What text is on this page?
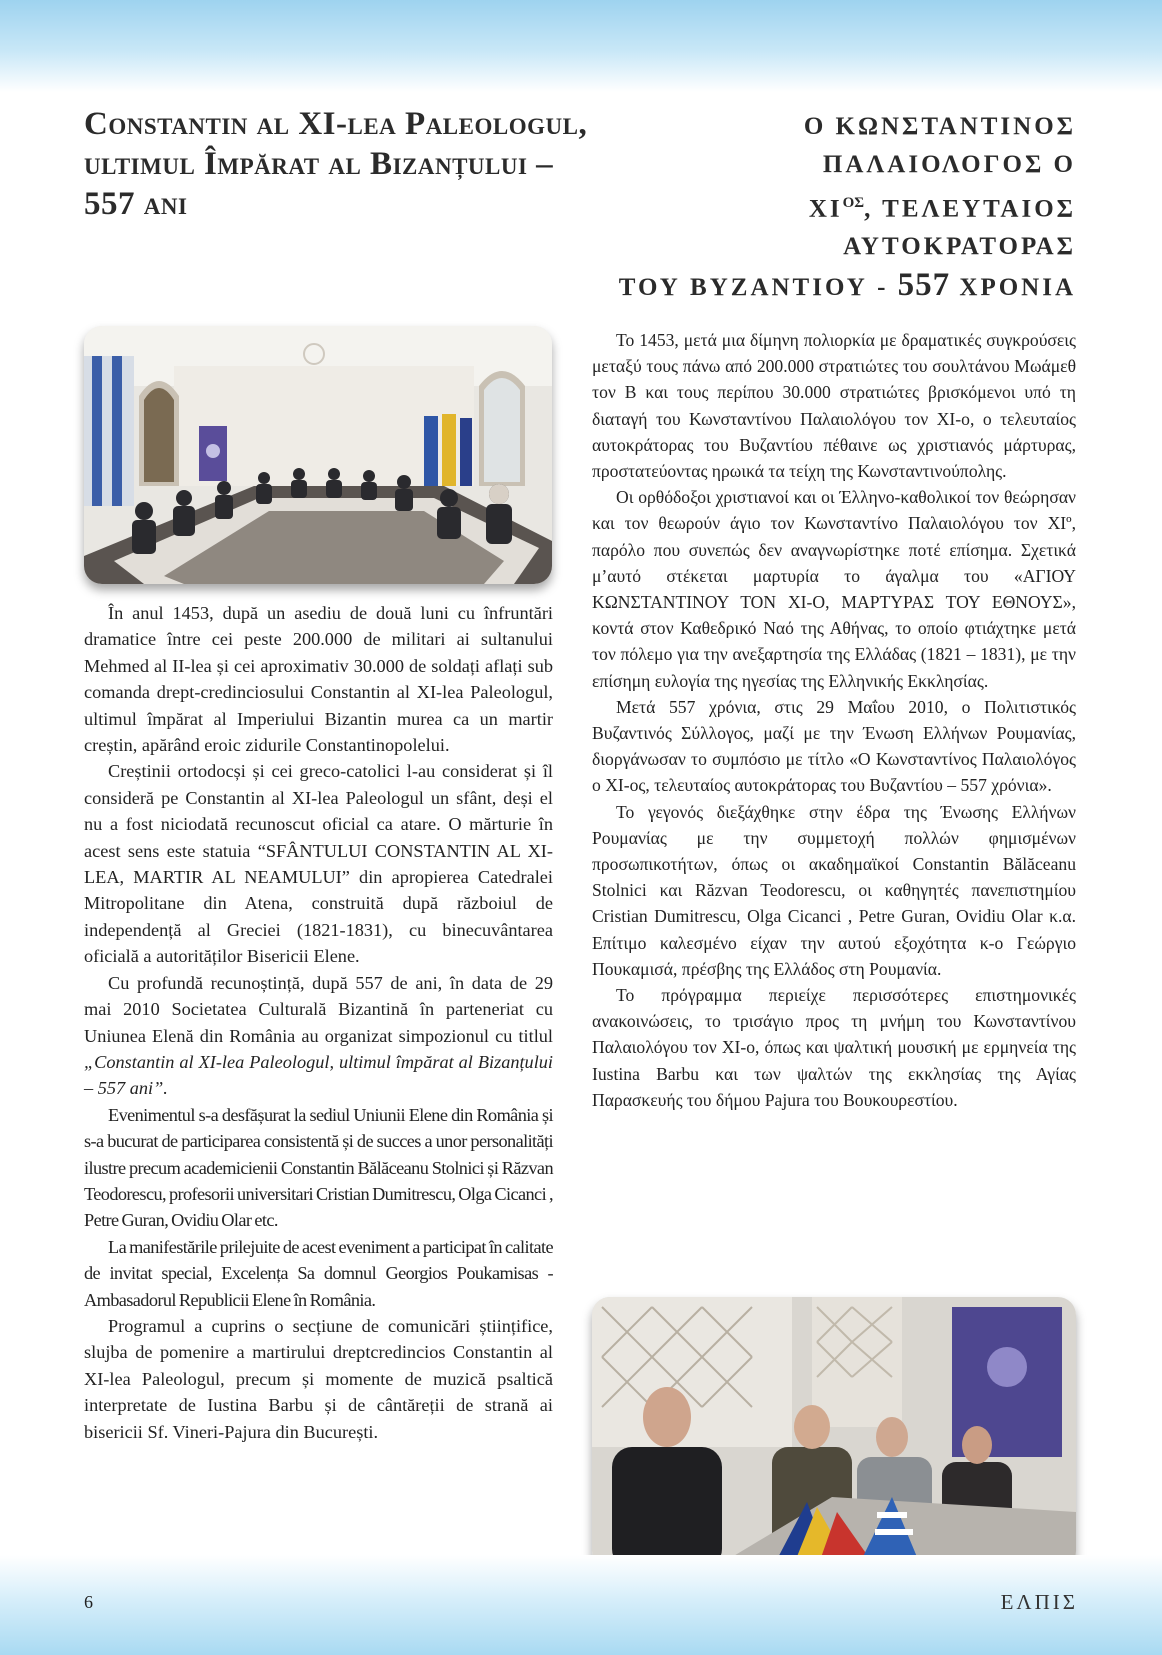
Constantin al XI-lea Paleologul,
ultimul Împărat al Bizanțului –
557 ani
Ο ΚΩΝΣΤΑΝΤΙΝΟΣ ΠΑΛΑΙΟΛΟΓΟΣ Ο
$XI^{O\Sigma}$, ΤΕΛΕΥΤΑΙΟΣ ΑΥΤΟΚΡΑΤΟΡΑΣ
ΤΟΥ ΒΥΖΑΝΤΙΟΥ - 557 ΧΡΟΝΙΑ

În anul 1453, după un asediu de două luni cu înfruntări dramatice între cei peste 200.000 de militari ai sultanului Mehmed al II-lea și cei aproximativ 30.000 de soldați aflați sub comanda drept-credinciosului Constantin al XI-lea Paleologul, ultimul împărat al Imperiului Bizantin murea ca un martir creștin, apărând eroic zidurile Constantinopolelui.

Creștinii ortodocși și cei greco-catolici l-au considerat și îl consideră pe Constantin al XI-lea Paleologul un sfânt, deși el nu a fost niciodată recunoscut oficial ca atare. O mărturie în acest sens este statuia “SFÂNTULUI CONSTANTIN AL XI-LEA, MARTIR AL NEAMULUI” din apropierea Catedralei Mitropolitane din Atena, construită după războiul de independență al Greciei (1821-1831), cu binecuvântarea oficială a autorităților Bisericii Elene.

Cu profundă recunoștință, după 557 de ani, în data de 29 mai 2010 Societatea Culturală Bizantină în parteneriat cu Uniunea Elenă din România au organizat simpozionul cu titlul „Constantin al XI-lea Paleologul, ultimul împărat al Bizanțului – 557 ani”.

Evenimentul s-a desfășurat la sediul Uniunii Elene din România și s-a bucurat de participarea consistentă și de succes a unor personalități ilustre precum academicienii Constantin Bălăceanu Stolnici și Răzvan Teodorescu, profesorii universitari Cristian Dumitrescu, Olga Cicanci , Petre Guran, Ovidiu Olar etc.

La manifestările prilejuite de acest eveniment a participat în calitate de invitat special, Excelența Sa domnul Georgios Poukamisas - Ambasadorul Republicii Elene în România.

Programul a cuprins o secțiune de comunicări științifice, slujba de pomenire a martirului dreptcredincios Constantin al XI-lea Paleologul, precum și momente de muzică psaltică interpretate de Iustina Barbu și de cântăreții de strană ai bisericii Sf. Vineri-Pajura din București.

Το 1453, μετά μια δίμηνη πολιορκία με δραματικές συγκρούσεις μεταξύ τους πάνω από 200.000 στρατιώτες του σουλτάνου Μωάμεθ τον Β και τους περίπου 30.000 στρατιώτες βρισκόμενοι υπό τη διαταγή του Κωνσταντίνου Παλαιολόγου τον XI-ο, ο τελευταίος αυτοκράτορας του Βυζαντίου πέθαινε ως χριστιανός μάρτυρας, προστατεύοντας ηρωικά τα τείχη της Κωνσταντινούπολης.

Οι ορθόδοξοι χριστιανοί και οι Έλληνο-καθολικοί τον θεώρησαν και τον θεωρούν άγιο τον Κωνσταντίνο Παλαιολόγου τον XIº, παρόλο που συνεπώς δεν αναγνωρίστηκε ποτέ επίσημα. Σχετικά μ’αυτό στέκεται μαρτυρία το άγαλμα του «ΑΓΙΟΥ ΚΩΝΣΤΑΝΤΙΝΟΥ ΤΟΝ XI-O, ΜΑΡΤΥΡΑΣ ΤΟΥ ΕΘΝΟΥΣ», κοντά στον Καθεδρικό Ναό της Αθήνας, το οποίο φτιάχτηκε μετά τον πόλεμο για την ανεξαρτησία της Ελλάδας (1821 – 1831), με την επίσημη ευλογία της ηγεσίας της Ελληνικής Εκκλησίας.

Μετά 557 χρόνια, στις 29 Μαΐου 2010, ο Πολιτιστικός Βυζαντινός Σύλλογος, μαζί με την Ένωση Ελλήνων Ρουμανίας, διοργάνωσαν το συμπόσιο με τίτλο «Ο Κωνσταντίνος Παλαιολόγος ο XI-ος, τελευταίος αυτοκράτορας του Βυζαντίου – 557 χρόνια».

Το γεγονός διεξάχθηκε στην έδρα της Ένωσης Ελλήνων Ρουμανίας με την συμμετοχή πολλών φημισμένων προσωπικοτήτων, όπως οι ακαδημαϊκοί Constantin Bălăceanu Stolnici και Răzvan Teodorescu, οι καθηγητές πανεπιστημίου Cristian Dumitrescu, Olga Cicanci , Petre Guran, Ovidiu Olar κ.α. Επίτιμο καλεσμένο είχαν την αυτού εξοχότητα κ-ο Γεώργιο Πουκαμισά, πρέσβης της Ελλάδος στη Ρουμανία.

Το πρόγραμμα περιείχε περισσότερες επιστημονικές ανακοινώσεις, το τρισάγιο προς τη μνήμη του Κωνσταντίνου Παλαιολόγου τον XI-ο, όπως και ψαλτική μουσική με ερμηνεία της Iustina Barbu και των ψαλτών της εκκλησίας της Αγίας Παρασκευής του δήμου Pajura του Βουκουρεστίου.

6	ΕΛΠΙΣ
